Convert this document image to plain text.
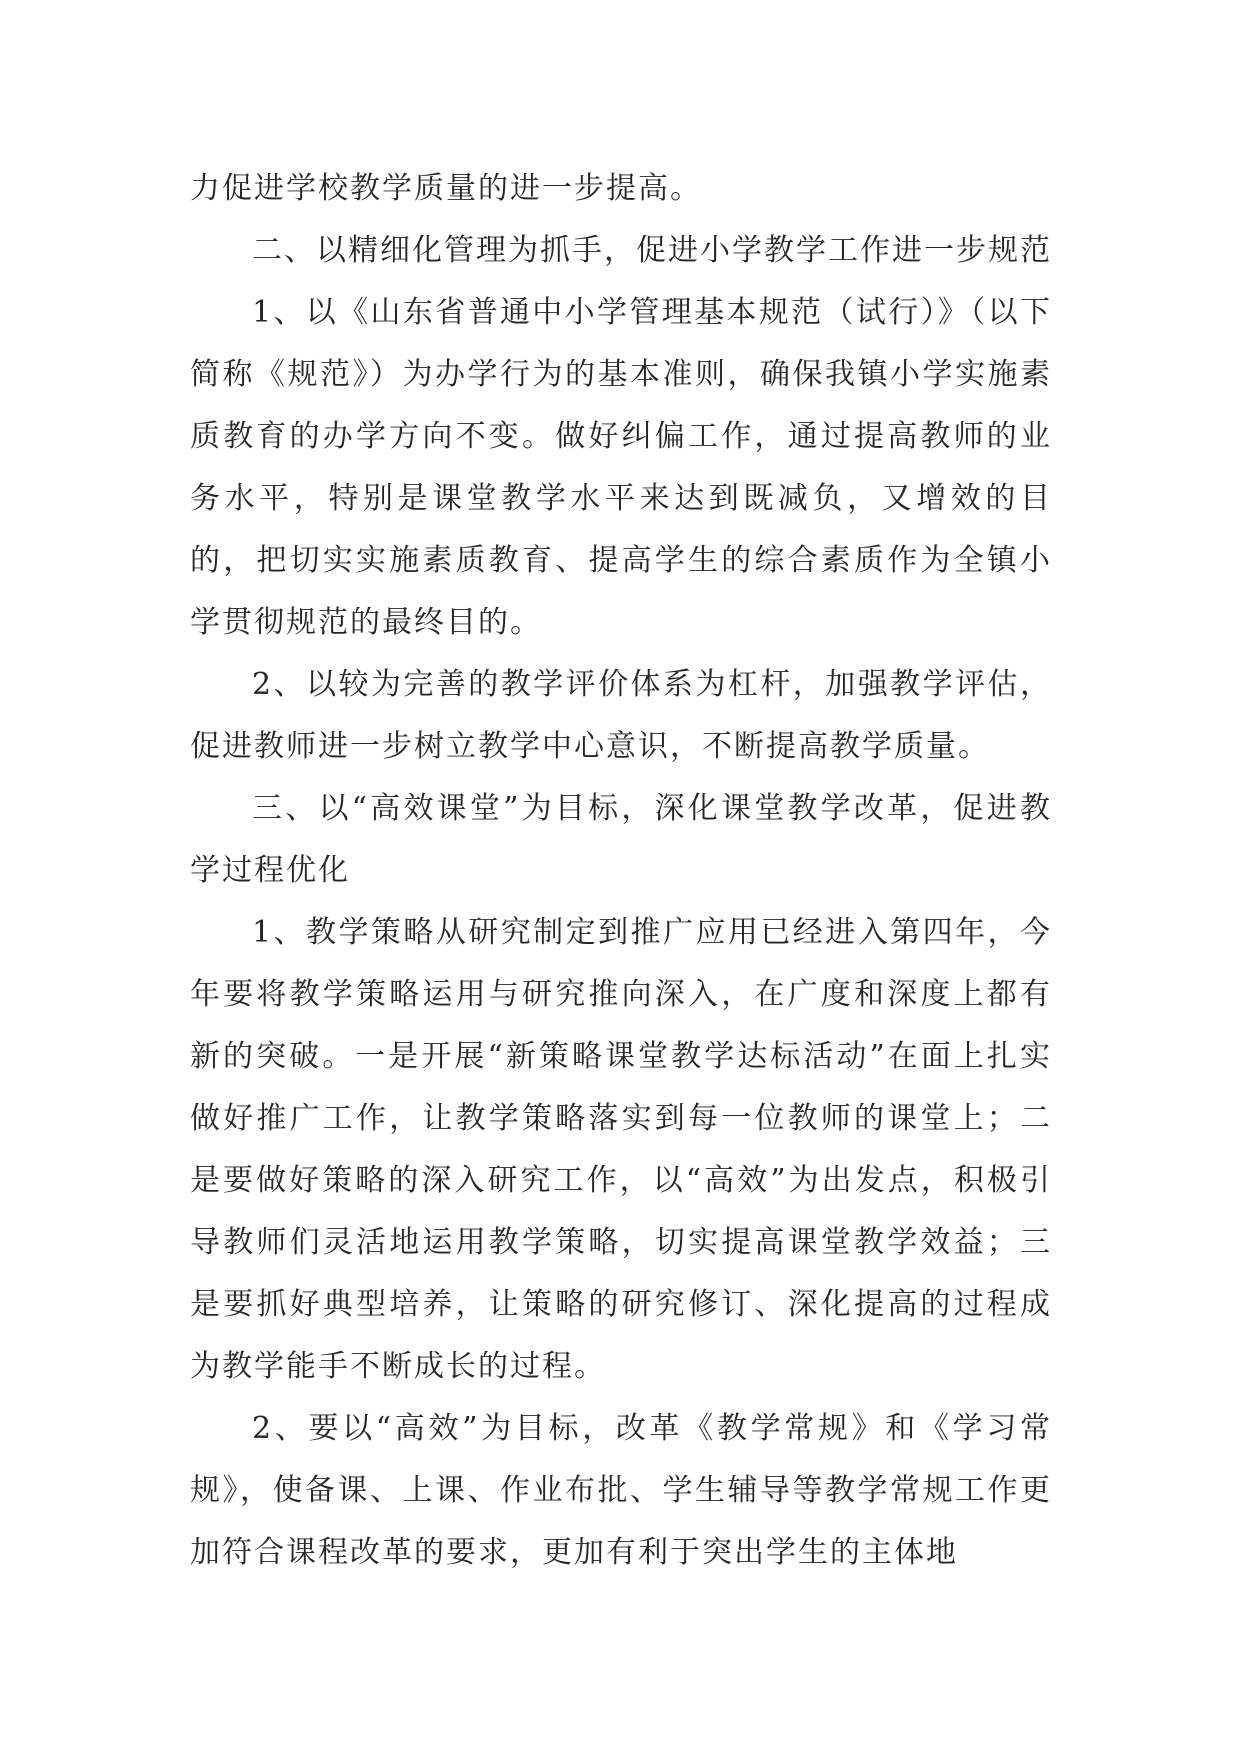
力促进学校教学质量的进一步提高。

二、以精细化管理为抓手，促进小学教学工作进一步规范

1、以《山东省普通中小学管理基本规范（试行）》（以下简称《规范》）为办学行为的基本准则，确保我镇小学实施素质教育的办学方向不变。做好纠偏工作，通过提高教师的业务水平，特别是课堂教学水平来达到既减负，又增效的目的，把切实实施素质教育、提高学生的综合素质作为全镇小学贯彻规范的最终目的。

2、以较为完善的教学评价体系为杠杆，加强教学评估，促进教师进一步树立教学中心意识，不断提高教学质量。

三、以“高效课堂”为目标，深化课堂教学改革，促进教学过程优化

1、教学策略从研究制定到推广应用已经进入第四年，今年要将教学策略运用与研究推向深入，在广度和深度上都有新的突破。一是开展“新策略课堂教学达标活动”在面上扎实做好推广工作，让教学策略落实到每一位教师的课堂上；二是要做好策略的深入研究工作，以“高效”为出发点，积极引导教师们灵活地运用教学策略，切实提高课堂教学效益；三是要抓好典型培养，让策略的研究修订、深化提高的过程成为教学能手不断成长的过程。

2、要以“高效”为目标，改革《教学常规》和《学习常规》，使备课、上课、作业布批、学生辅导等教学常规工作更加符合课程改革的要求，更加有利于突出学生的主体地
